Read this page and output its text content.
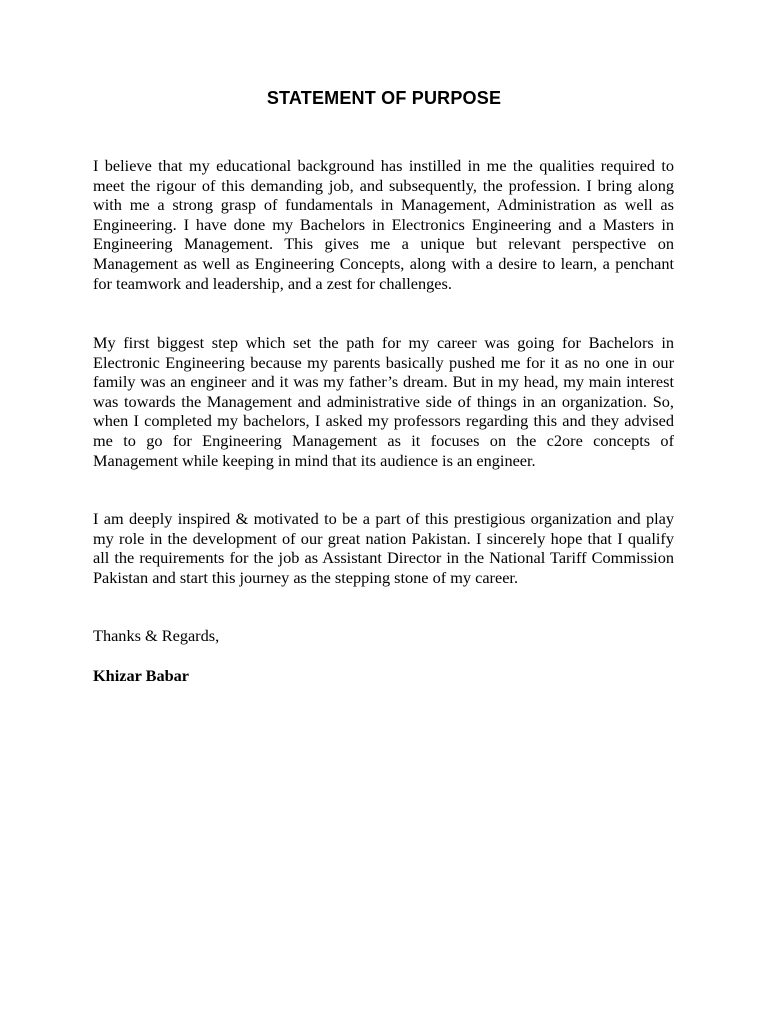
STATEMENT OF PURPOSE

I believe that my educational background has instilled in me the qualities required to meet the rigour of this demanding job, and subsequently, the profession. I bring along with me a strong grasp of fundamentals in Management, Administration as well as Engineering. I have done my Bachelors in Electronics Engineering and a Masters in Engineering Management. This gives me a unique but relevant perspective on Management as well as Engineering Concepts, along with a desire to learn, a penchant for teamwork and leadership, and a zest for challenges.

My first biggest step which set the path for my career was going for Bachelors in Electronic Engineering because my parents basically pushed me for it as no one in our family was an engineer and it was my father’s dream. But in my head, my main interest was towards the Management and administrative side of things in an organization. So, when I completed my bachelors, I asked my professors regarding this and they advised me to go for Engineering Management as it focuses on the c2ore concepts of Management while keeping in mind that its audience is an engineer.

I am deeply inspired & motivated to be a part of this prestigious organization and play my role in the development of our great nation Pakistan. I sincerely hope that I qualify all the requirements for the job as Assistant Director in the National Tariff Commission Pakistan and start this journey as the stepping stone of my career.

Thanks & Regards,
Khizar Babar
